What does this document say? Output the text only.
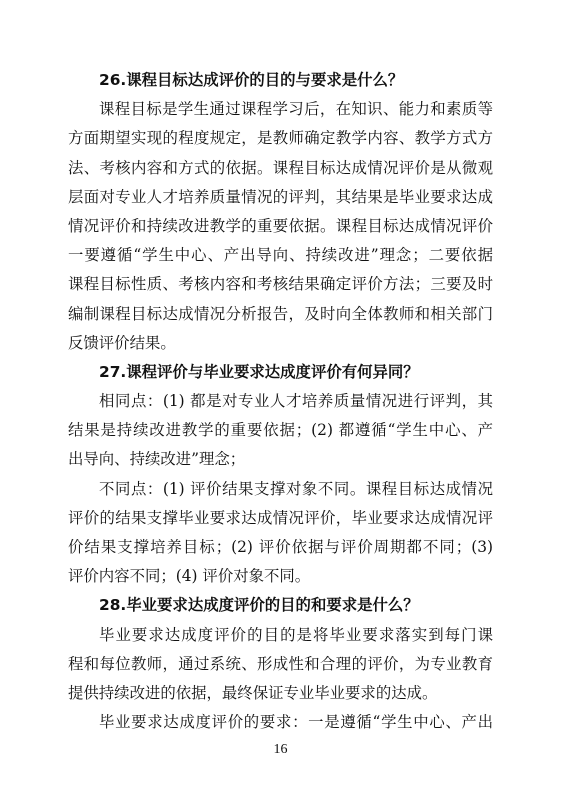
26.课程目标达成评价的目的与要求是什么？
课程目标是学生通过课程学习后，在知识、能力和素质等
方面期望实现的程度规定，是教师确定教学内容、教学方式方
法、考核内容和方式的依据。课程目标达成情况评价是从微观
层面对专业人才培养质量情况的评判，其结果是毕业要求达成
情况评价和持续改进教学的重要依据。课程目标达成情况评价
一要遵循“学生中心、产出导向、持续改进”理念；二要依据
课程目标性质、考核内容和考核结果确定评价方法；三要及时
编制课程目标达成情况分析报告，及时向全体教师和相关部门
反馈评价结果。
27.课程评价与毕业要求达成度评价有何异同？
相同点：(1) 都是对专业人才培养质量情况进行评判，其
结果是持续改进教学的重要依据；(2) 都遵循“学生中心、产
出导向、持续改进”理念；
不同点：(1) 评价结果支撑对象不同。课程目标达成情况
评价的结果支撑毕业要求达成情况评价，毕业要求达成情况评
价结果支撑培养目标；(2) 评价依据与评价周期都不同；(3)
评价内容不同；(4) 评价对象不同。
28.毕业要求达成度评价的目的和要求是什么？
毕业要求达成度评价的目的是将毕业要求落实到每门课
程和每位教师，通过系统、形成性和合理的评价，为专业教育
提供持续改进的依据，最终保证专业毕业要求的达成。
毕业要求达成度评价的要求：一是遵循“学生中心、产出
16
